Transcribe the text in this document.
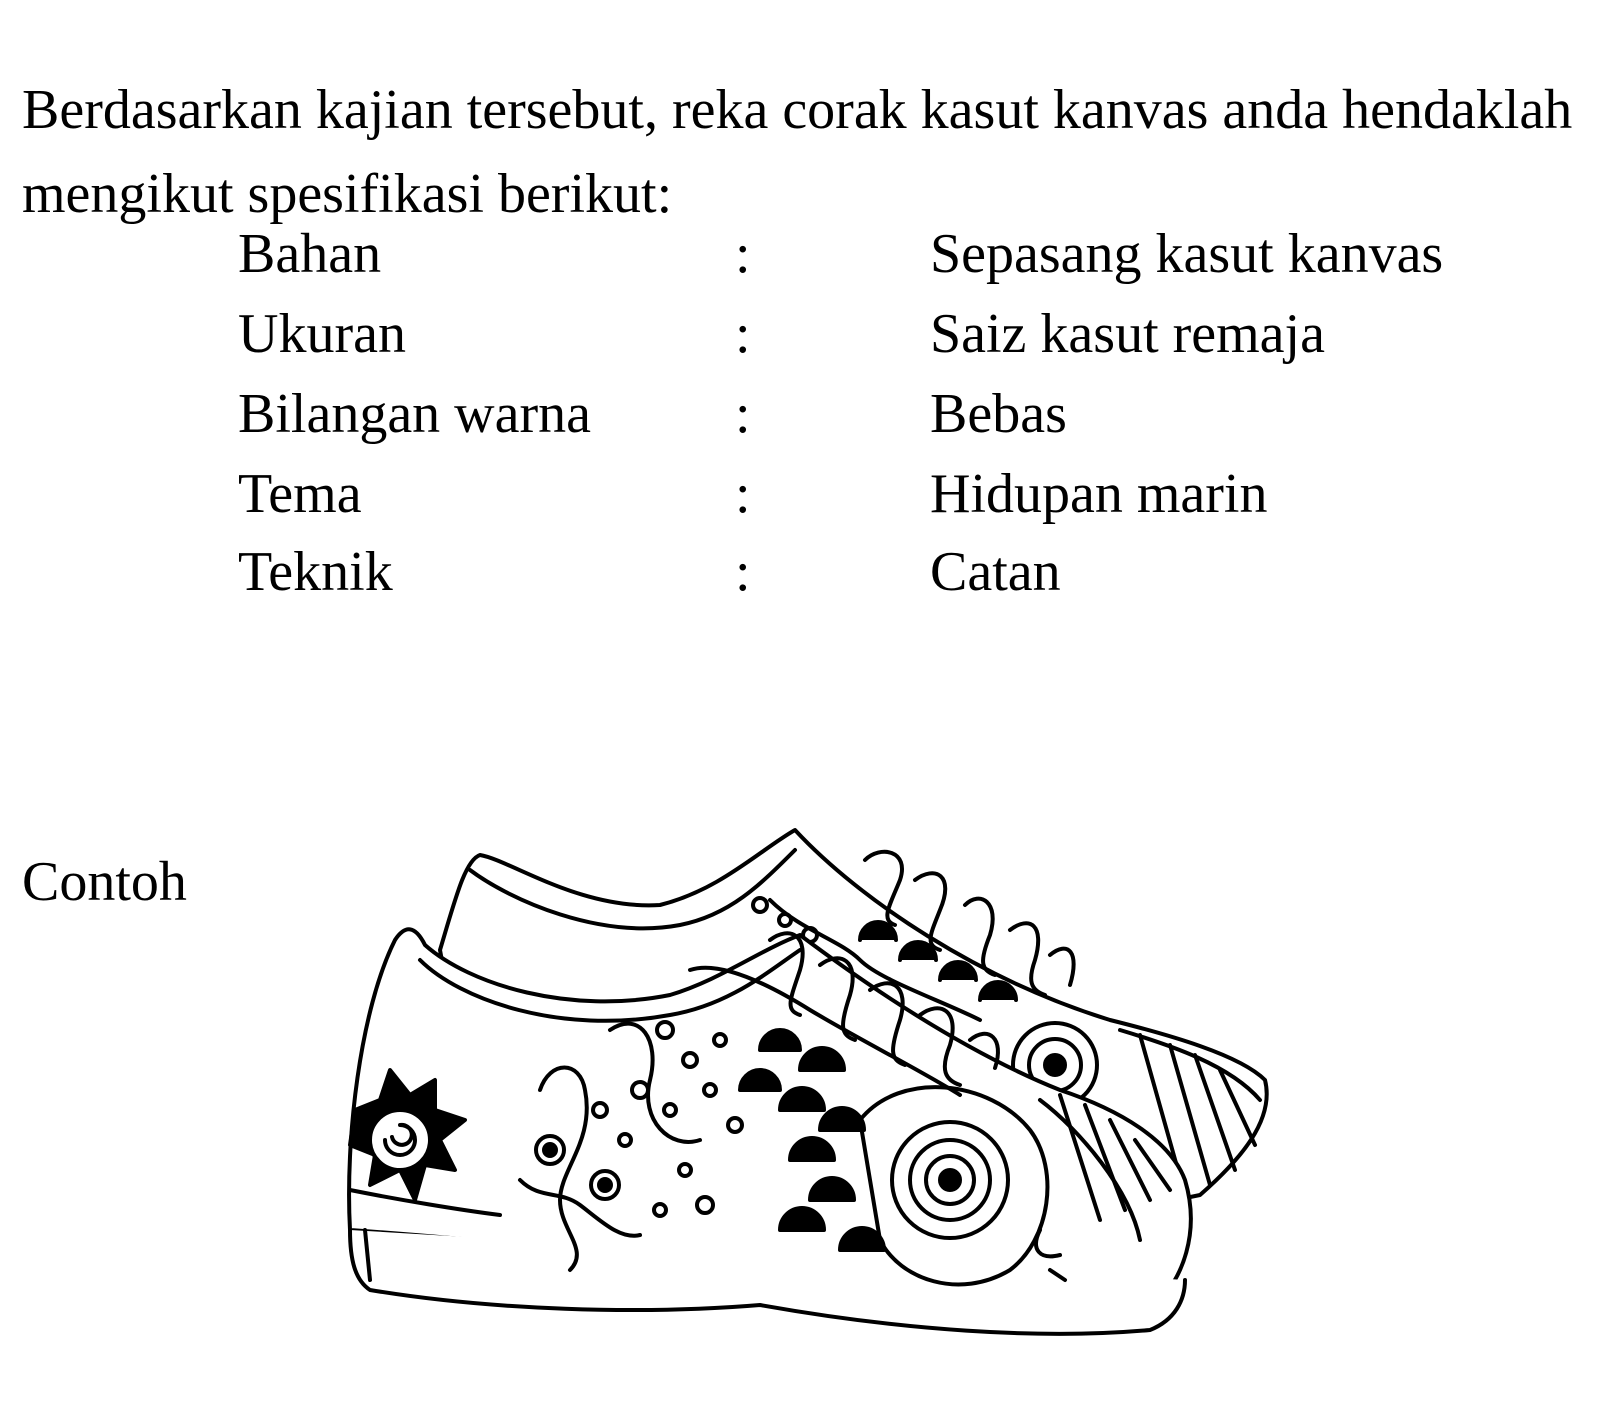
Berdasarkan kajian tersebut, reka corak kasut kanvas anda hendaklah mengikut spesifikasi berikut:

Bahan	:	Sepasang kasut kanvas
Ukuran	:	Saiz kasut remaja
Bilangan warna	:	Bebas
Tema	:	Hidupan marin
Teknik	:	Catan
Contoh
